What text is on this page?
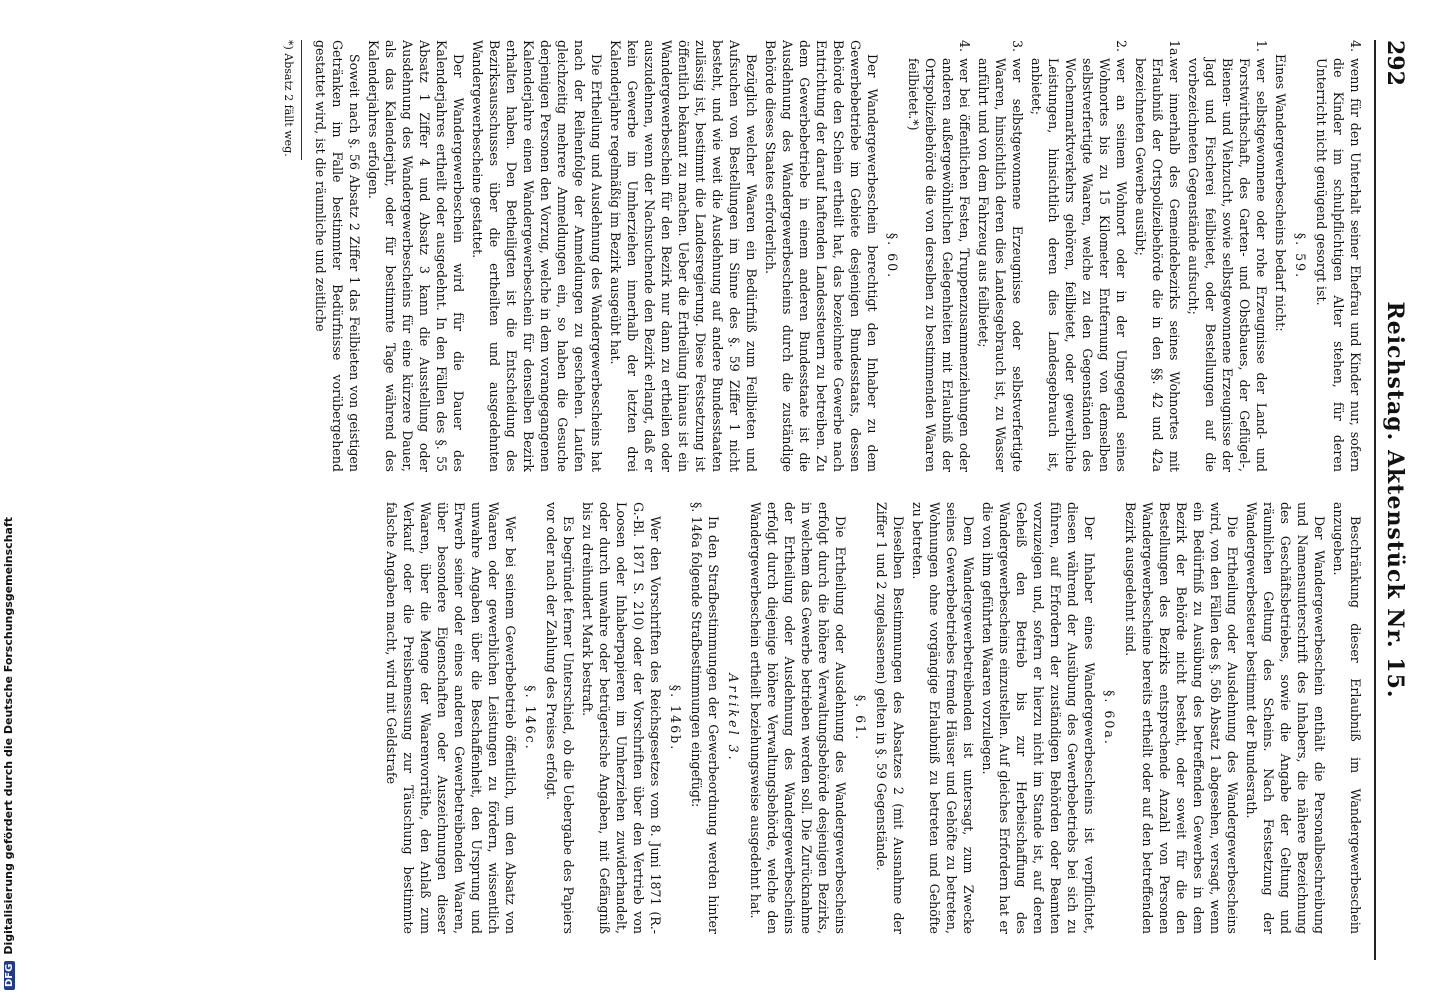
DFGDigitalisierung gefördert durch die Deutsche Forschungsgemeinschaft
292
Reichstag. Aktenstück Nr. 15.

4.
wenn für den Unterhalt seiner Ehefrau und Kinder nur, sofern die Kinder im schulpflichtigen Alter stehen, für deren Unterricht nicht genügend gesorgt ist.

§. 59.

Eines Wandergewerbescheins bedarf nicht:

1.
wer selbstgewonnene oder rohe Erzeugnisse der Land- und Forstwirthschaft, des Garten- und Obstbaues, der Geflügel-, Bienen- und Viehzucht, sowie selbstgewonnene Erzeugnisse der Jagd und Fischerei feilbietet, oder Bestellungen auf die vorbezeichneten Gegenstände aufsucht;

1a.
wer innerhalb des Gemeindebezirks seines Wohnortes mit Erlaubniß der Ortspolizeibehörde die in den §§. 42 und 42a bezeichneten Gewerbe ausübt;

2.
wer an seinem Wohnort oder in der Umgegend seines Wohnortes bis zu 15 Kilometer Entfernung von demselben selbstverfertigte Waaren, welche zu den Gegenständen des Wochenmarktverkehrs gehören, feilbietet, oder gewerbliche Leistungen, hinsichtlich deren dies Landesgebrauch ist, anbietet;

3.
wer selbstgewonnene Erzeugnisse oder selbstverfertigte Waaren, hinsichtlich deren dies Landesgebrauch ist, zu Wasser anführt und von dem Fahrzeug aus feilbietet;

4.
wer bei öffentlichen Festen, Truppenzusammenziehungen oder anderen außergewöhnlichen Gelegenheiten mit Erlaubniß der Ortspolizeibehörde die von derselben zu bestimmenden Waaren feilbietet.*)

§. 60.

Der Wandergewerbeschein berechtigt den Inhaber zu dem Gewerbebetriebe im Gebiete desjenigen Bundesstaats, dessen Behörde den Schein ertheilt hat, das bezeichnete Gewerbe nach Entrichtung der darauf haftenden Landessteuern zu betreiben. Zu dem Gewerbebetriebe in einem anderen Bundesstaate ist die Ausdehnung des Wandergewerbescheins durch die zuständige Behörde dieses Staates erforderlich.

Bezüglich welcher Waaren ein Bedürfniß zum Feilbieten und Aufsuchen von Bestellungen im Sinne des §. 59 Ziffer 1 nicht besteht, und wie weit die Ausdehnung auf andere Bundesstaaten zulässig ist, bestimmt die Landesregierung. Diese Festsetzung ist öffentlich bekannt zu machen. Ueber die Ertheilung hinaus ist ein Wandergewerbeschein für den Bezirk nur dann zu ertheilen oder auszudehnen, wenn der Nachsuchende den Bezirk erlangt, daß er kein Gewerbe im Umherziehen innerhalb der letzten drei Kalenderjahre regelmäßig im Bezirk ausgeübt hat.

Die Ertheilung und Ausdehnung des Wandergewerbescheins hat nach der Reihenfolge der Anmeldungen zu geschehen. Laufen gleichzeitig mehrere Anmeldungen ein, so haben die Gesuche derjenigen Personen den Vorzug, welche in dem vorangegangenen Kalenderjahre einen Wandergewerbeschein für denselben Bezirk erhalten haben. Den Betheiligten ist die Entscheidung des Bezirksausschusses über die ertheilten und ausgedehnten Wandergewerbescheine gestattet.

Der Wandergewerbeschein wird für die Dauer des Kalenderjahres ertheilt oder ausgedehnt. In den Fällen des §. 55 Absatz 1 Ziffer 4 und Absatz 3 kann die Ausstellung oder Ausdehnung des Wandergewerbescheins für eine kürzere Dauer, als das Kalenderjahr, oder für bestimmte Tage während des Kalenderjahres erfolgen.

Soweit nach §. 56 Absatz 2 Ziffer 1 das Feilbieten von geistigen Getränken im Falle bestimmter Bedürfnisse vorübergehend gestattet wird, ist die räumliche und zeitliche

*) Absatz 2 fällt weg.

Beschränkung dieser Erlaubniß im Wandergewerbeschein anzugeben.

Der Wandergewerbeschein enthält die Personalbeschreibung und Namensunterschrift des Inhabers, die nähere Bezeichnung des Geschäftsbetriebes, sowie die Angabe der Geltung und räumlichen Geltung des Scheins. Nach Festsetzung der Wandergewerbesteuer bestimmt der Bundesrath.

Die Ertheilung oder Ausdehnung des Wandergewerbescheins wird, von den Fällen des §. 56b Absatz 1 abgesehen, versagt, wenn ein Bedürfniß zu Ausübung des betreffenden Gewerbes in dem Bezirk der Behörde nicht besteht, oder soweit für die den Bestellungen des Bezirks entsprechende Anzahl von Personen Wandergewerbescheine bereits ertheilt oder auf den betreffenden Bezirk ausgedehnt sind.

§. 60a.

Der Inhaber eines Wandergewerbescheins ist verpflichtet, diesen während der Ausübung des Gewerbebetriebs bei sich zu führen, auf Erfordern der zuständigen Behörden oder Beamten vorzuzeigen und, sofern er hierzu nicht im Stande ist, auf deren Geheiß den Betrieb bis zur Herbeischaffung des Wandergewerbescheins einzustellen. Auf gleiches Erfordern hat er die von ihm geführten Waaren vorzulegen.

Dem Wandergewerbetreibenden ist untersagt, zum Zwecke seines Gewerbebetriebes fremde Häuser und Gehöfte zu betreten, Wohnungen ohne vorgängige Erlaubniß zu betreten und Gehöfte zu betreten.

Dieselben Bestimmungen des Absatzes 2 (mit Ausnahme der Ziffer 1 und 2 zugelassenen) gelten in §. 59 Gegenstände.

§. 61.

Die Ertheilung oder Ausdehnung des Wandergewerbescheins erfolgt durch die höhere Verwaltungsbehörde desjenigen Bezirks, in welchem das Gewerbe betrieben werden soll. Die Zurücknahme der Ertheilung oder Ausdehnung des Wandergewerbescheins erfolgt durch diejenige höhere Verwaltungsbehörde, welche den Wandergewerbeschein ertheilt beziehungsweise ausgedehnt hat.

Artikel 3.

In den Strafbestimmungen der Gewerbeordnung werden hinter §. 146a folgende Strafbestimmungen eingefügt:

§. 146b.

Wer den Vorschriften des Reichsgesetzes vom 8. Juni 1871 (R.-G.-Bl. 1871 S. 210) oder der Vorschriften über den Vertrieb von Loosen oder Inhaberpapieren im Umherziehen zuwiderhandelt, oder durch unwahre oder betrügerische Angaben, mit Gefängniß bis zu dreihundert Mark bestraft.

Es begründet ferner Unterschied, ob die Uebergabe des Papiers vor oder nach der Zahlung des Preises erfolgt.

§. 146c.

Wer bei seinem Gewerbebetrieb öffentlich, um den Absatz von Waaren oder gewerblichen Leistungen zu fördern, wissentlich unwahre Angaben über die Beschaffenheit, den Ursprung und Erwerb seiner oder eines anderen Gewerbetreibenden Waaren, über besondere Eigenschaften oder Auszeichnungen dieser Waaren, über die Menge der Waarenvorräthe, den Anlaß zum Verkauf oder die Preisbemessung zur Täuschung bestimmte falsche Angaben macht, wird mit Geldstrafe
